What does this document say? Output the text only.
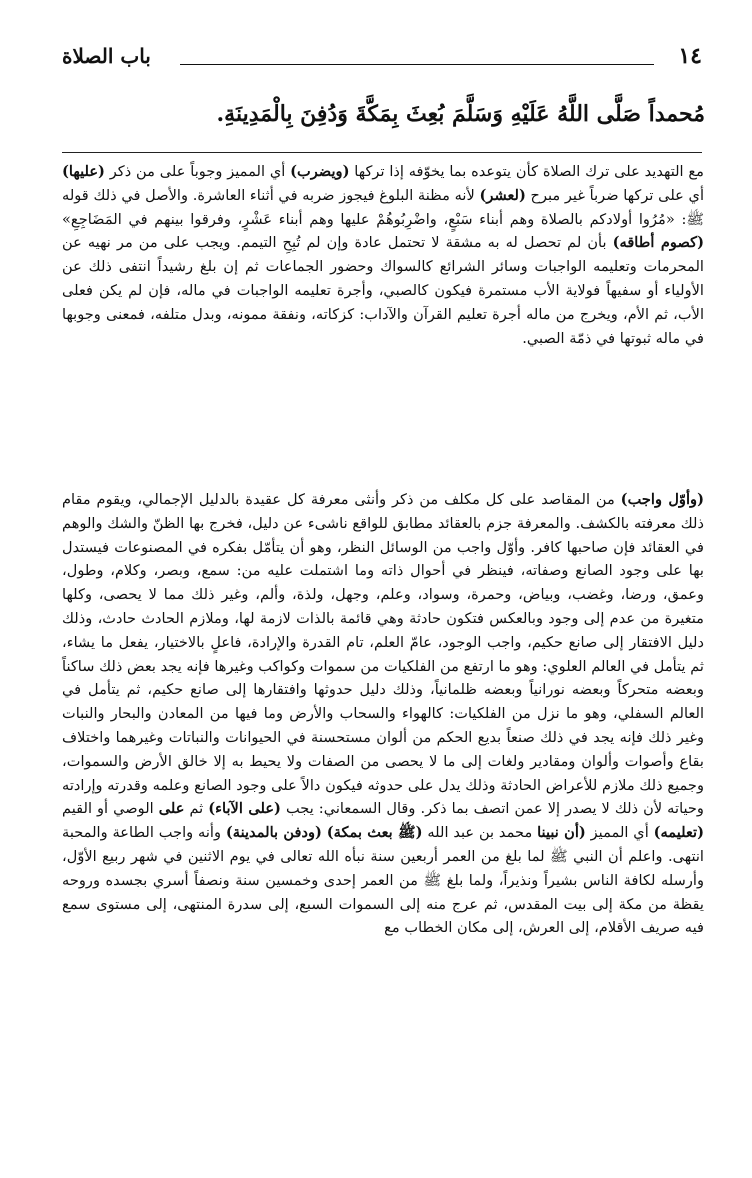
١٤
باب الصلاة
مُحمداً صَلَّى اللَّهُ عَلَيْهِ وَسَلَّمَ بُعِثَ بِمَكَّةَ وَدُفِنَ بِالْمَدِينَةِ.

مع التهديد على ترك الصلاة كأن يتوعده بما يخوّفه إذا تركها (ويضرب) أي المميز وجوباً على من ذكر (عليها) أي على تركها ضرباً غير مبرح (لعشر) لأنه مظنة البلوغ فيجوز ضربه في أثناء العاشرة. والأصل في ذلك قوله ﷺ: «مُرُوا أولادكم بالصلاة وهم أبناء سَبْعٍ، واضْرِبُوهُمْ عليها وهم أبناء عَشْرٍ، وفرقوا بينهم في المَضَاجِعِ» (كصوم أطاقه) بأن لم تحصل له به مشقة لا تحتمل عادة وإن لم تُبِحِ التيمم. ويجب على من مر نهيه عن المحرمات وتعليمه الواجبات وسائر الشرائع كالسواك وحضور الجماعات ثم إن بلغ رشيداً انتفى ذلك عن الأولياء أو سفيهاً فولاية الأب مستمرة فيكون كالصبي، وأجرة تعليمه الواجبات في ماله، فإن لم يكن فعلى الأب، ثم الأم، ويخرج من ماله أجرة تعليم القرآن والآداب: كزكاته، ونفقة ممونه، وبدل متلفه، فمعنى وجوبها في ماله ثبوتها في ذمّة الصبي.

(وأوّل واجب) من المقاصد على كل مكلف من ذكر وأنثى معرفة كل عقيدة بالدليل الإجمالي، ويقوم مقام ذلك معرفته بالكشف. والمعرفة جزم بالعقائد مطابق للواقع ناشىء عن دليل، فخرج بها الظنّ والشك والوهم في العقائد فإن صاحبها كافر. وأوّل واجب من الوسائل النظر، وهو أن يتأمّل بفكره في المصنوعات فيستدل بها على وجود الصانع وصفاته، فينظر في أحوال ذاته وما اشتملت عليه من: سمع، وبصر، وكلام، وطول، وعمق، ورضا، وغضب، وبياض، وحمرة، وسواد، وعلم، وجهل، ولذة، وألم، وغير ذلك مما لا يحصى، وكلها متغيرة من عدم إلى وجود وبالعكس فتكون حادثة وهي قائمة بالذات لازمة لها، وملازم الحادث حادث، وذلك دليل الافتقار إلى صانع حكيم، واجب الوجود، عامّ العلم، تام القدرة والإرادة، فاعلٍ بالاختيار، يفعل ما يشاء، ثم يتأمل في العالم العلوي: وهو ما ارتفع من الفلكيات من سموات وكواكب وغيرها فإنه يجد بعض ذلك ساكناً وبعضه متحركاً وبعضه نورانياً وبعضه ظلمانياً، وذلك دليل حدوثها وافتقارها إلى صانع حكيم، ثم يتأمل في العالم السفلي، وهو ما نزل من الفلكيات: كالهواء والسحاب والأرض وما فيها من المعادن والبحار والنبات وغير ذلك فإنه يجد في ذلك صنعاً بديع الحكم من ألوان مستحسنة في الحيوانات والنباتات وغيرهما واختلاف بقاع وأصوات وألوان ومقادير ولغات إلى ما لا يحصى من الصفات ولا يحيط به إلا خالق الأرض والسموات، وجميع ذلك ملازم للأعراض الحادثة وذلك يدل على حدوثه فيكون دالاً على وجود الصانع وعلمه وقدرته وإرادته وحياته لأن ذلك لا يصدر إلا عمن اتصف بما ذكر. وقال السمعاني: يجب (على الآباء) ثم على الوصي أو القيم (تعليمه) أي المميز (أن نبينا محمد بن عبد الله (ﷺ بعث بمكة) (ودفن بالمدينة) وأنه واجب الطاعة والمحبة انتهى. واعلم أن النبي ﷺ لما بلغ من العمر أربعين سنة نبأه الله تعالى في يوم الاثنين في شهر ربيع الأوّل، وأرسله لكافة الناس بشيراً ونذيراً، ولما بلغ ﷺ من العمر إحدى وخمسين سنة ونصفاً أسري بجسده وروحه يقظة من مكة إلى بيت المقدس، ثم عرج منه إلى السموات السبع، إلى سدرة المنتهى، إلى مستوى سمع فيه صريف الأقلام، إلى العرش، إلى مكان الخطاب مع
